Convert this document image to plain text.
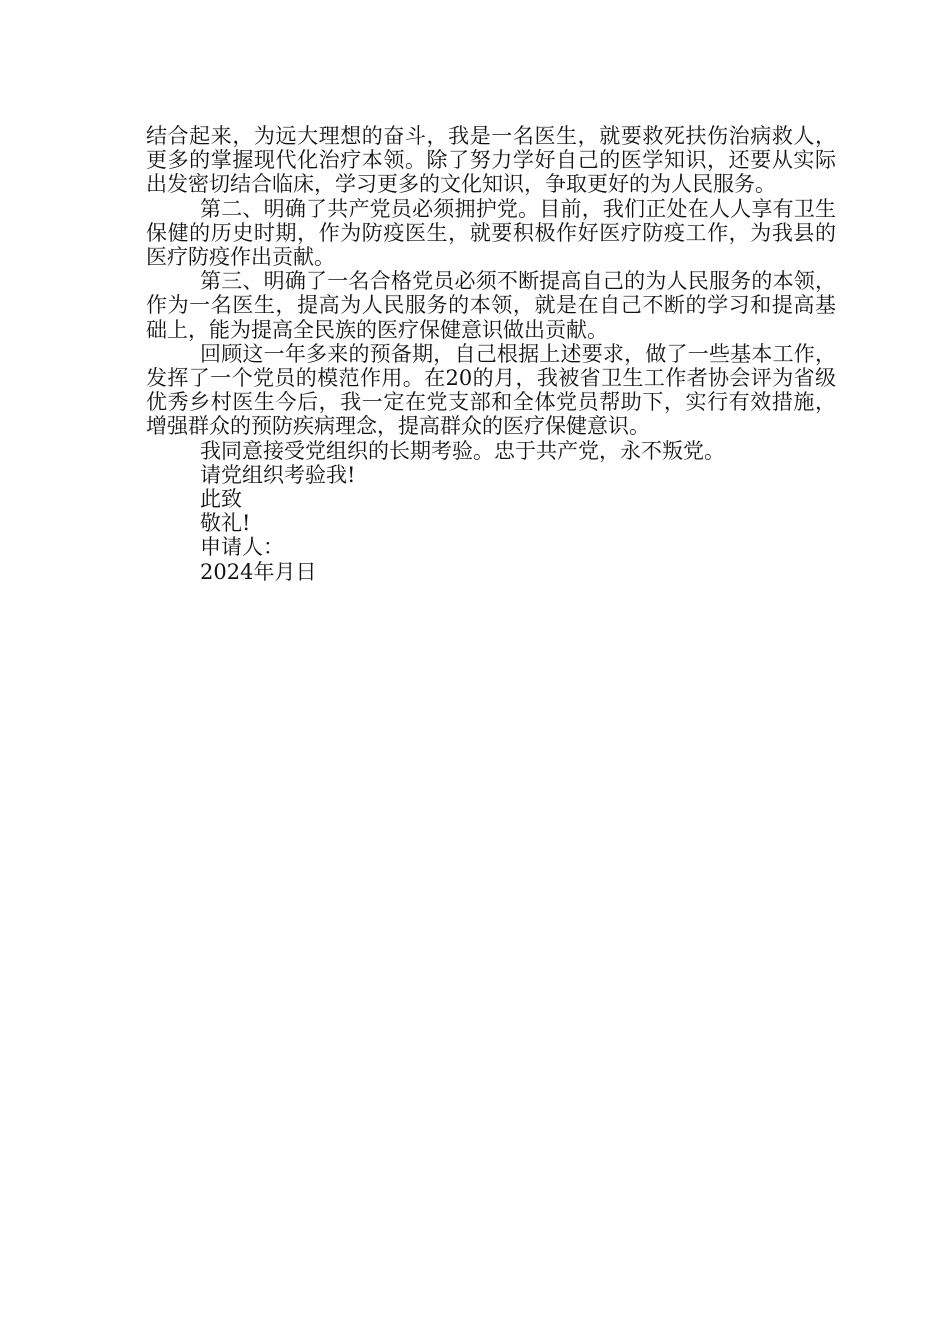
结合起来，为远大理想的奋斗，我是一名医生，就要救死扶伤治病救人，更多的掌握现代化治疗本领。除了努力学好自己的医学知识，还要从实际出发密切结合临床，学习更多的文化知识，争取更好的为人民服务。

第二、明确了共产党员必须拥护党。目前，我们正处在人人享有卫生保健的历史时期，作为防疫医生，就要积极作好医疗防疫工作，为我县的医疗防疫作出贡献。

第三、明确了一名合格党员必须不断提高自己的为人民服务的本领，作为一名医生，提高为人民服务的本领，就是在自己不断的学习和提高基础上，能为提高全民族的医疗保健意识做出贡献。

回顾这一年多来的预备期，自己根据上述要求，做了一些基本工作，发挥了一个党员的模范作用。在20的月，我被省卫生工作者协会评为省级优秀乡村医生今后，我一定在党支部和全体党员帮助下，实行有效措施，增强群众的预防疾病理念，提高群众的医疗保健意识。

我同意接受党组织的长期考验。忠于共产党，永不叛党。

请党组织考验我!

此致

敬礼!

申请人：

2024年月日
